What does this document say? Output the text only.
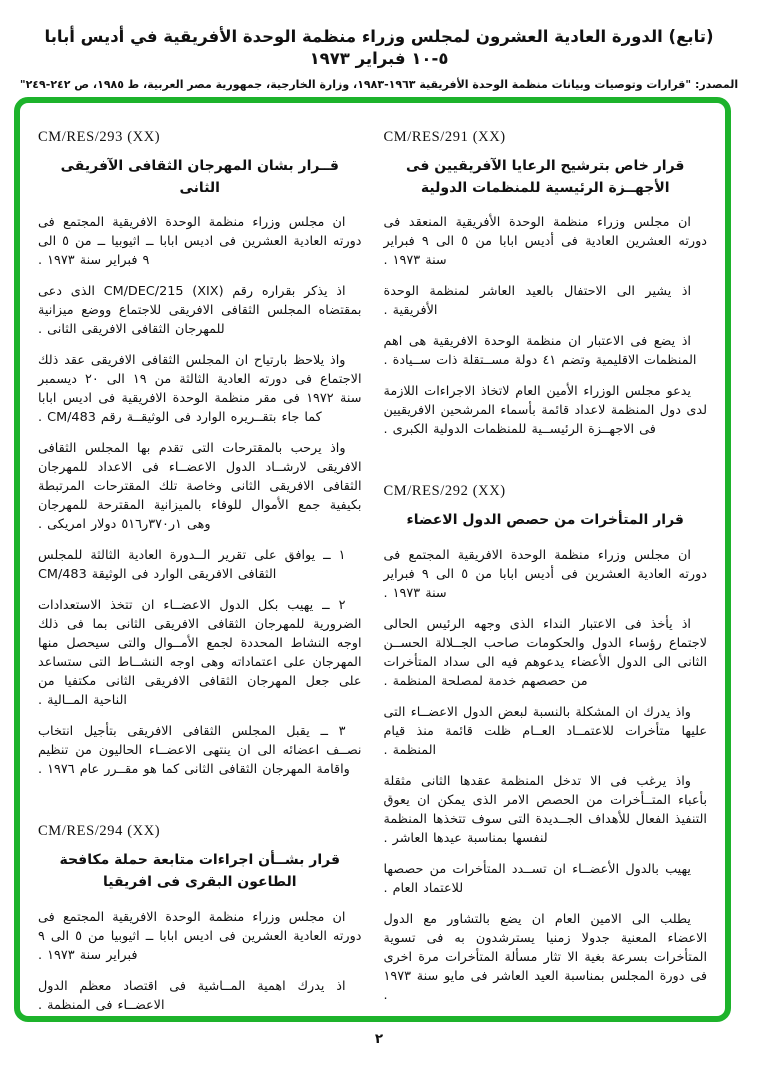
(تابع) الدورة العادية العشرون لمجلس وزراء منظمة الوحدة الأفريقية في أديس أبابا ٥-١٠ فبراير ١٩٧٣
المصدر: "قرارات وتوصيات وبيانات منظمة الوحدة الأفريقية ١٩٦٣-١٩٨٣، وزارة الخارجية، جمهورية مصر العربية، ط ١٩٨٥، ص ٢٤٢-٢٤٩"
CM/RES/291 (XX)
قرار خاص بترشيح الرعايا الآفريقيين فى الأجهــزة الرئيسية للمنظمات الدولية
ان مجلس وزراء منظمة الوحدة الأفريقية المنعقد فى دورته العشرين العادية فى أديس ابابا من ٥ الى ٩ فبراير سنة ١٩٧٣ .
اذ يشير الى الاحتفال بالعيد العاشر لمنظمة الوحدة الأفريقية .
اذ يضع فى الاعتبار ان منظمة الوحدة الافريقية هى اهم المنظمات الاقليمية وتضم ٤١ دولة مســتقلة ذات ســيادة .
يدعو مجلس الوزراء الأمين العام لاتخاذ الاجراءات اللازمة لدى دول المنظمة لاعداد قائمة بأسماء المرشحين الافريقيين فى الاجهــزة الرئيســية للمنظمات الدولية الكبرى .
CM/RES/292 (XX)
قرار المتأخرات من حصص الدول الاعضاء
ان مجلس وزراء منظمة الوحدة الافريقية المجتمع فى دورته العادية العشرين فى أديس ابابا من ٥ الى ٩ فبراير سنة ١٩٧٣ .
اذ يأخذ فى الاعتبار النداء الذى وجهه الرئيس الحالى لاجتماع رؤساء الدول والحكومات صاحب الجــلالة الحســن الثانى الى الدول الأعضاء يدعوهم فيه الى سداد المتأخرات من حصصهم خدمة لمصلحة المنظمة .
واذ يدرك ان المشكلة بالنسبة لبعض الدول الاعضــاء التى عليها متأخرات للاعتمــاد العــام ظلت قائمة منذ قيام المنظمة .
واذ يرغب فى الا تدخل المنظمة عقدها الثانى مثقلة بأعباء المتــأخرات من الحصص الامر الذى يمكن ان يعوق التنفيذ الفعال للأهداف الجــديدة التى سوف تتخذها المنظمة لنفسها بمناسبة عيدها العاشر .
يهيب بالدول الأعضــاء ان تســدد المتأخرات من حصصها للاعتماد العام .
يطلب الى الامين العام ان يضع بالتشاور مع الدول الاعضاء المعنية جدولا زمنيا يسترشدون به فى تسوية المتأخرات بسرعة بغية الا تثار مسألة المتأخرات مرة اخرى فى دورة المجلس بمناسبة العيد العاشر فى مايو سنة ١٩٧٣ .
CM/RES/293 (XX)
قــرار بشان المهرجان الثقافى الآفريقى الثانى
ان مجلس وزراء منظمة الوحدة الافريقية المجتمع فى دورته العادية العشرين فى اديس ابابا ــ اثيوبيا ــ من ٥ الى ٩ فبراير سنة ١٩٧٣ .
اذ يذكر بقراره رقم CM/DEC/215 (XIX) الذى دعى بمقتضاه المجلس الثقافى الافريقى للاجتماع ووضع ميزانية للمهرجان الثقافى الافريقى الثانى .
واذ يلاحظ بارتياح ان المجلس الثقافى الافريقى عقد ذلك الاجتماع فى دورته العادية الثالثة من ١٩ الى ٢٠ ديسمبر سنة ١٩٧٢ فى مقر منظمة الوحدة الافريقية فى اديس ابابا كما جاء بتقــريره الوارد فى الوثيقــة رقم CM/483 .
واذ يرحب بالمقترحات التى تقدم بها المجلس الثقافى الافريقى لارشــاد الدول الاعضــاء فى الاعداد للمهرجان الثقافى الافريقى الثانى وخاصة تلك المقترحات المرتبطة بكيفية جمع الأموال للوفاء بالميزانية المقترحة للمهرجان وهى ١ر٣٧٠ر٥١٦ دولار امريكى .
١ ــ يوافق على تقرير الــدورة العادية الثالثة للمجلس الثقافى الافريقى الوارد فى الوثيقة CM/483
٢ ــ يهيب بكل الدول الاعضــاء ان تتخذ الاستعدادات الضرورية للمهرجان الثقافى الافريقى الثانى بما فى ذلك اوجه النشاط المحددة لجمع الأمــوال والتى سيحصل منها المهرجان على اعتماداته وهى اوجه النشــاط التى ستساعد على جعل المهرجان الثقافى الافريقى الثانى مكتفيا من الناحية المــالية .
٣ ــ يقبل المجلس الثقافى الافريقى بتأجيل انتخاب نصــف اعضائه الى ان ينتهى الاعضــاء الحاليون من تنظيم واقامة المهرجان الثقافى الثانى كما هو مقــرر عام ١٩٧٦ .
CM/RES/294 (XX)
قرار بشــأن اجراءات متابعة حملة مكافحة الطاعون البقرى فى افريقيا
ان مجلس وزراء منظمة الوحدة الافريقية المجتمع فى دورته العادية العشرين فى اديس ابابا ــ اثيوبيا من ٥ الى ٩ فبراير سنة ١٩٧٣ .
اذ يدرك اهمية المــاشية فى اقتصاد معظم الدول الاعضــاء فى المنظمة .
٢
